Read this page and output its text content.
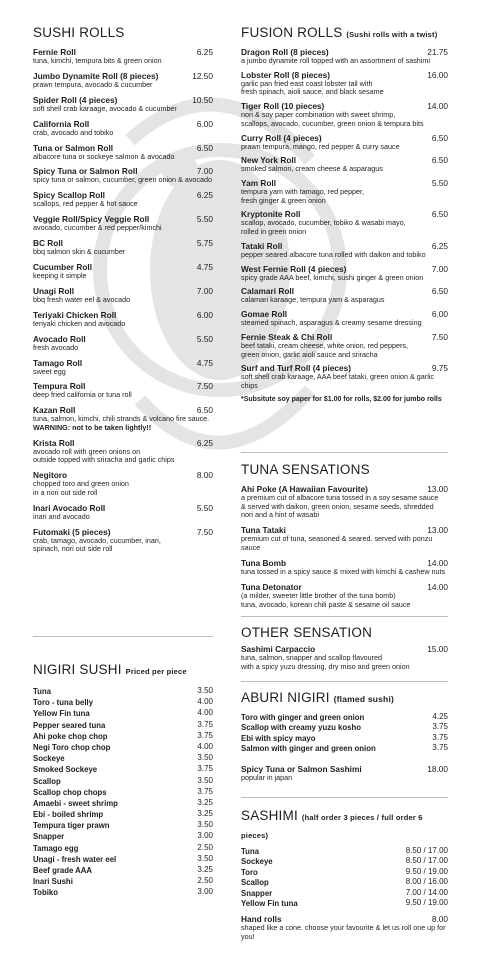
SUSHI ROLLS
Fernie Roll	6.25
tuna, kimchi, tempura bits & green onion
Jumbo Dynamite Roll (8 pieces)	12.50
prawn tempura, avocado & cucumber
Spider Roll (4 pieces)	10.50
soft shell crab karaage, avocado & cucumber
California Roll	6.00
crab, avocado and tobiko
Tuna or Salmon Roll	6.50
albacore tuna or sockeye salmon & avocado
Spicy Tuna or Salmon Roll	7.00
spicy tuna or salmon, cucumber, green onion & avocado
Spicy Scallop Roll	6.25
scallops, red pepper & hot sauce
Veggie Roll/Spicy Veggie Roll	5.50
avocado, cucumber & red pepper/kimchi
BC Roll	5.75
bbq salmon skin & cucumber
Cucumber Roll	4.75
keeping it simple
Unagi Roll	7.00
bbq fresh water eel & avocado
Teriyaki Chicken Roll	6.00
teriyaki chicken and avocado
Avocado Roll	5.50
fresh avocado
Tamago Roll	4.75
sweet egg
Tempura Roll	7.50
deep fried california or tuna roll
Kazan Roll	6.50
tuna, salmon, kimchi, chili strands & volcano fire sauce.
WARNING: not to be taken lightly!!
Krista Roll	6.25
avocado roll with green onions on
outside topped with sriracha and garlic chips
Negitoro	8.00
chopped toro and green onion
in a nori out side roll
Inari Avocado Roll	5.50
inari and avocado
Futomaki (5 pieces)	7.50
crab, tamago, avocado, cucumber, inari,
spinach, nori out side roll
NIGIRI SUSHI Priced per piece
Tuna	3.50
Toro - tuna belly	4.00
Yellow Fin tuna	4.00
Pepper seared tuna	3.75
Ahi poke chop chop	3.75
Negi Toro chop chop	4.00
Sockeye	3.50
Smoked Sockeye	3.75
Scallop	3.50
Scallop chop chops	3.75
Amaebi - sweet shrimp	3.25
Ebi - boiled shrimp	3.25
Tempura tiger prawn	3.50
Snapper	3.00
Tamago egg	2.50
Unagi - fresh water eel	3.50
Beef grade AAA	3.25
Inari Sushi	2.50
Tobiko	3.00
FUSION ROLLS (Sushi rolls with a twist)
Dragon Roll (8 pieces)	21.75
a jumbo dynamite roll topped with an assortment of sashimi
Lobster Roll (8 pieces)	16.00
garlic pan fried east coast lobster tail with
fresh spinach, aioli sauce, and black sesame
Tiger Roll (10 pieces)	14.00
nori & soy paper combination with sweet shrimp,
scallops, avocado, cucumber, green onion & tempura bits
Curry Roll (4 pieces)	6.50
prawn tempura, mango, red pepper & curry sauce
New York Roll	6.50
smoked salmon, cream cheese & asparagus
Yam Roll	5.50
tempura yam with tamago, red pepper,
fresh ginger & green onion
Kryptonite Roll	6.50
scallop, avocado, cucumber, tobiko & wasabi mayo,
rolled in green onion
Tataki Roll	6.25
pepper seared albacore tuna rolled with daikon and tobiko
West Fernie Roll (4 pieces)	7.00
spicy grade AAA beef, kimchi, sushi ginger & green onion
Calamari Roll	6.50
calamari karaage, tempura yam & asparagus
Gomae Roll	6.00
steamed spinach, asparagus & creamy sesame dressing
Fernie Steak & Chi Roll	7.50
beef tataki, cream cheese, white onion, red peppers,
green onion, garlic aioli sauce and sriracha
Surf and Turf Roll (4 pieces)	9.75
soft shell crab karaage, AAA beef tataki, green onion & garlic chips
*Subsitute soy paper for $1.00 for rolls, $2.00 for jumbo rolls
TUNA SENSATIONS
Ahi Poke (A Hawaiian Favourite)	13.00
a premium cut of albacore tuna tossed in a soy sesame sauce
& served with daikon, green onion, sesame seeds, shredded
nori and a hint of wasabi
Tuna Tataki	13.00
premium cut of tuna, seasoned & seared. served with ponzu sauce
Tuna Bomb	14.00
tuna tossed in a spicy sauce & mixed with kimchi & cashew nuts
Tuna Detonator	14.00
(a milder, sweeter little brother of the tuna bomb)
tuna, avocado, korean chili paste & sesame oil sauce
OTHER SENSATION
Sashimi Carpaccio	15.00
tuna, salmon, snapper and scallop flavoured
with a spicy yuzu dressing, dry miso and green onion
ABURI NIGIRI (flamed sushi)
Toro with ginger and green onion	4.25
Scallop with creamy yuzu kosho	3.75
Ebi with spicy mayo	3.75
Salmon with ginger and green onion	3.75
Spicy Tuna or Salmon Sashimi	18.00
popular in japan
SASHIMI (half order 3 pieces / full order 6 pieces)
Tuna	8.50 / 17.00
Sockeye	8.50 / 17.00
Toro	9.50 / 19.00
Scallop	8.00 / 16.00
Snapper	7.00 / 14.00
Yellow Fin tuna	9.50 / 19.00
Hand rolls	8.00
shaped like a cone. choose your favourite & let us roll one up for you!
